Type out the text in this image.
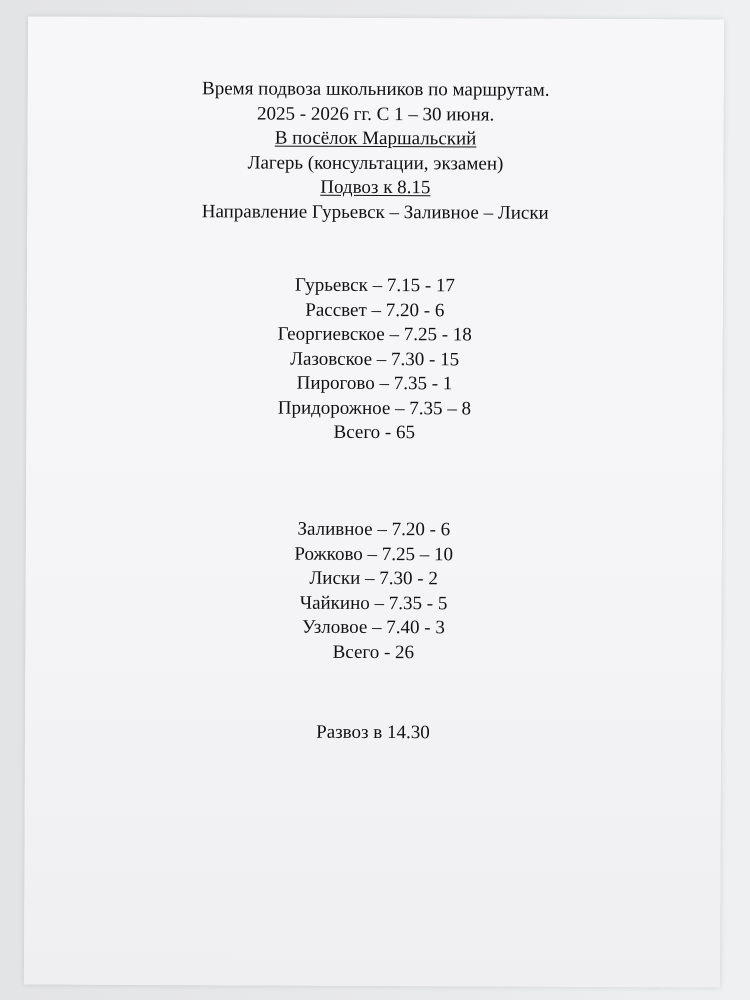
Время подвоза школьников по маршрутам.
2025 - 2026 гг. С 1 – 30 июня.
В посёлок Маршальский
Лагерь (консультации, экзамен)
Подвоз к 8.15
Направление Гурьевск – Заливное – Лиски
Гурьевск – 7.15 - 17
Рассвет – 7.20 - 6
Георгиевское – 7.25 - 18
Лазовское – 7.30 - 15
Пирогово – 7.35 - 1
Придорожное – 7.35 – 8
Всего - 65
Заливное – 7.20 - 6
Рожково – 7.25 – 10
Лиски – 7.30 - 2
Чайкино – 7.35 - 5
Узловое – 7.40 - 3
Всего - 26
Развоз в 14.30
